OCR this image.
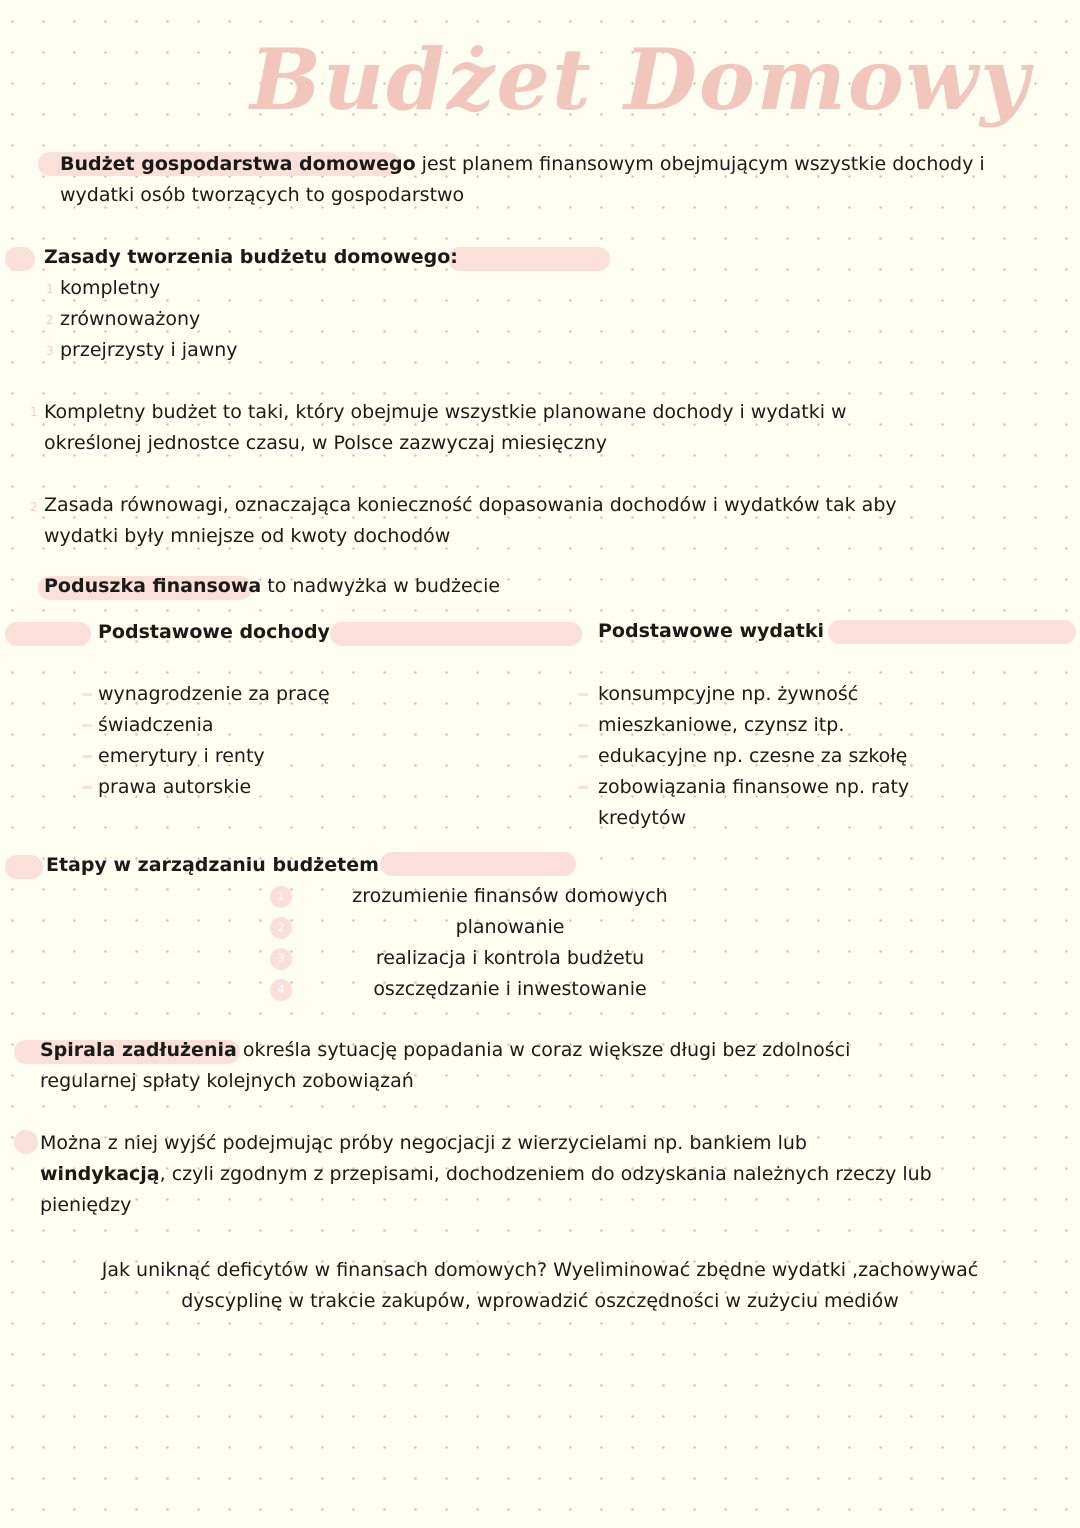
Budżet Domowy
Budżet gospodarstwa domowego jest planem finansowym obejmującym wszystkie dochody i
wydatki osób tworzących to gospodarstwo
Zasady tworzenia budżetu domowego:
1
2
3
kompletny
zrównoważony
przejrzysty i jawny
1 Kompletny budżet to taki, który obejmuje wszystkie planowane dochody i wydatki w
określonej jednostce czasu, w Polsce zazwyczaj miesięczny
2 Zasada równowagi, oznaczająca konieczność dopasowania dochodów i wydatków tak aby
wydatki były mniejsze od kwoty dochodów
Poduszka finansowa to nadwyżka w budżecie
Podstawowe dochody	Podstawowe wydatki
wynagrodzenie za pracę
świadczenia
emerytury i renty
prawa autorskie
konsumpcyjne np. żywność
mieszkaniowe, czynsz itp.
edukacyjne np. czesne za szkołę
zobowiązania finansowe np. raty
kredytów
Etapy w zarządzaniu budżetem
1
2
3
4
zrozumienie finansów domowych
planowanie
realizacja i kontrola budżetu
oszczędzanie i inwestowanie
Spirala zadłużenia określa sytuację popadania w coraz większe długi bez zdolności
regularnej spłaty kolejnych zobowiązań
Można z niej wyjść podejmując próby negocjacji z wierzycielami np. bankiem lub
windykacją, czyli zgodnym z przepisami, dochodzeniem do odzyskania należnych rzeczy lub
pieniędzy
Jak uniknąć deficytów w finansach domowych? Wyeliminować zbędne wydatki ,zachowywać
dyscyplinę w trakcie zakupów, wprowadzić oszczędności w zużyciu mediów
